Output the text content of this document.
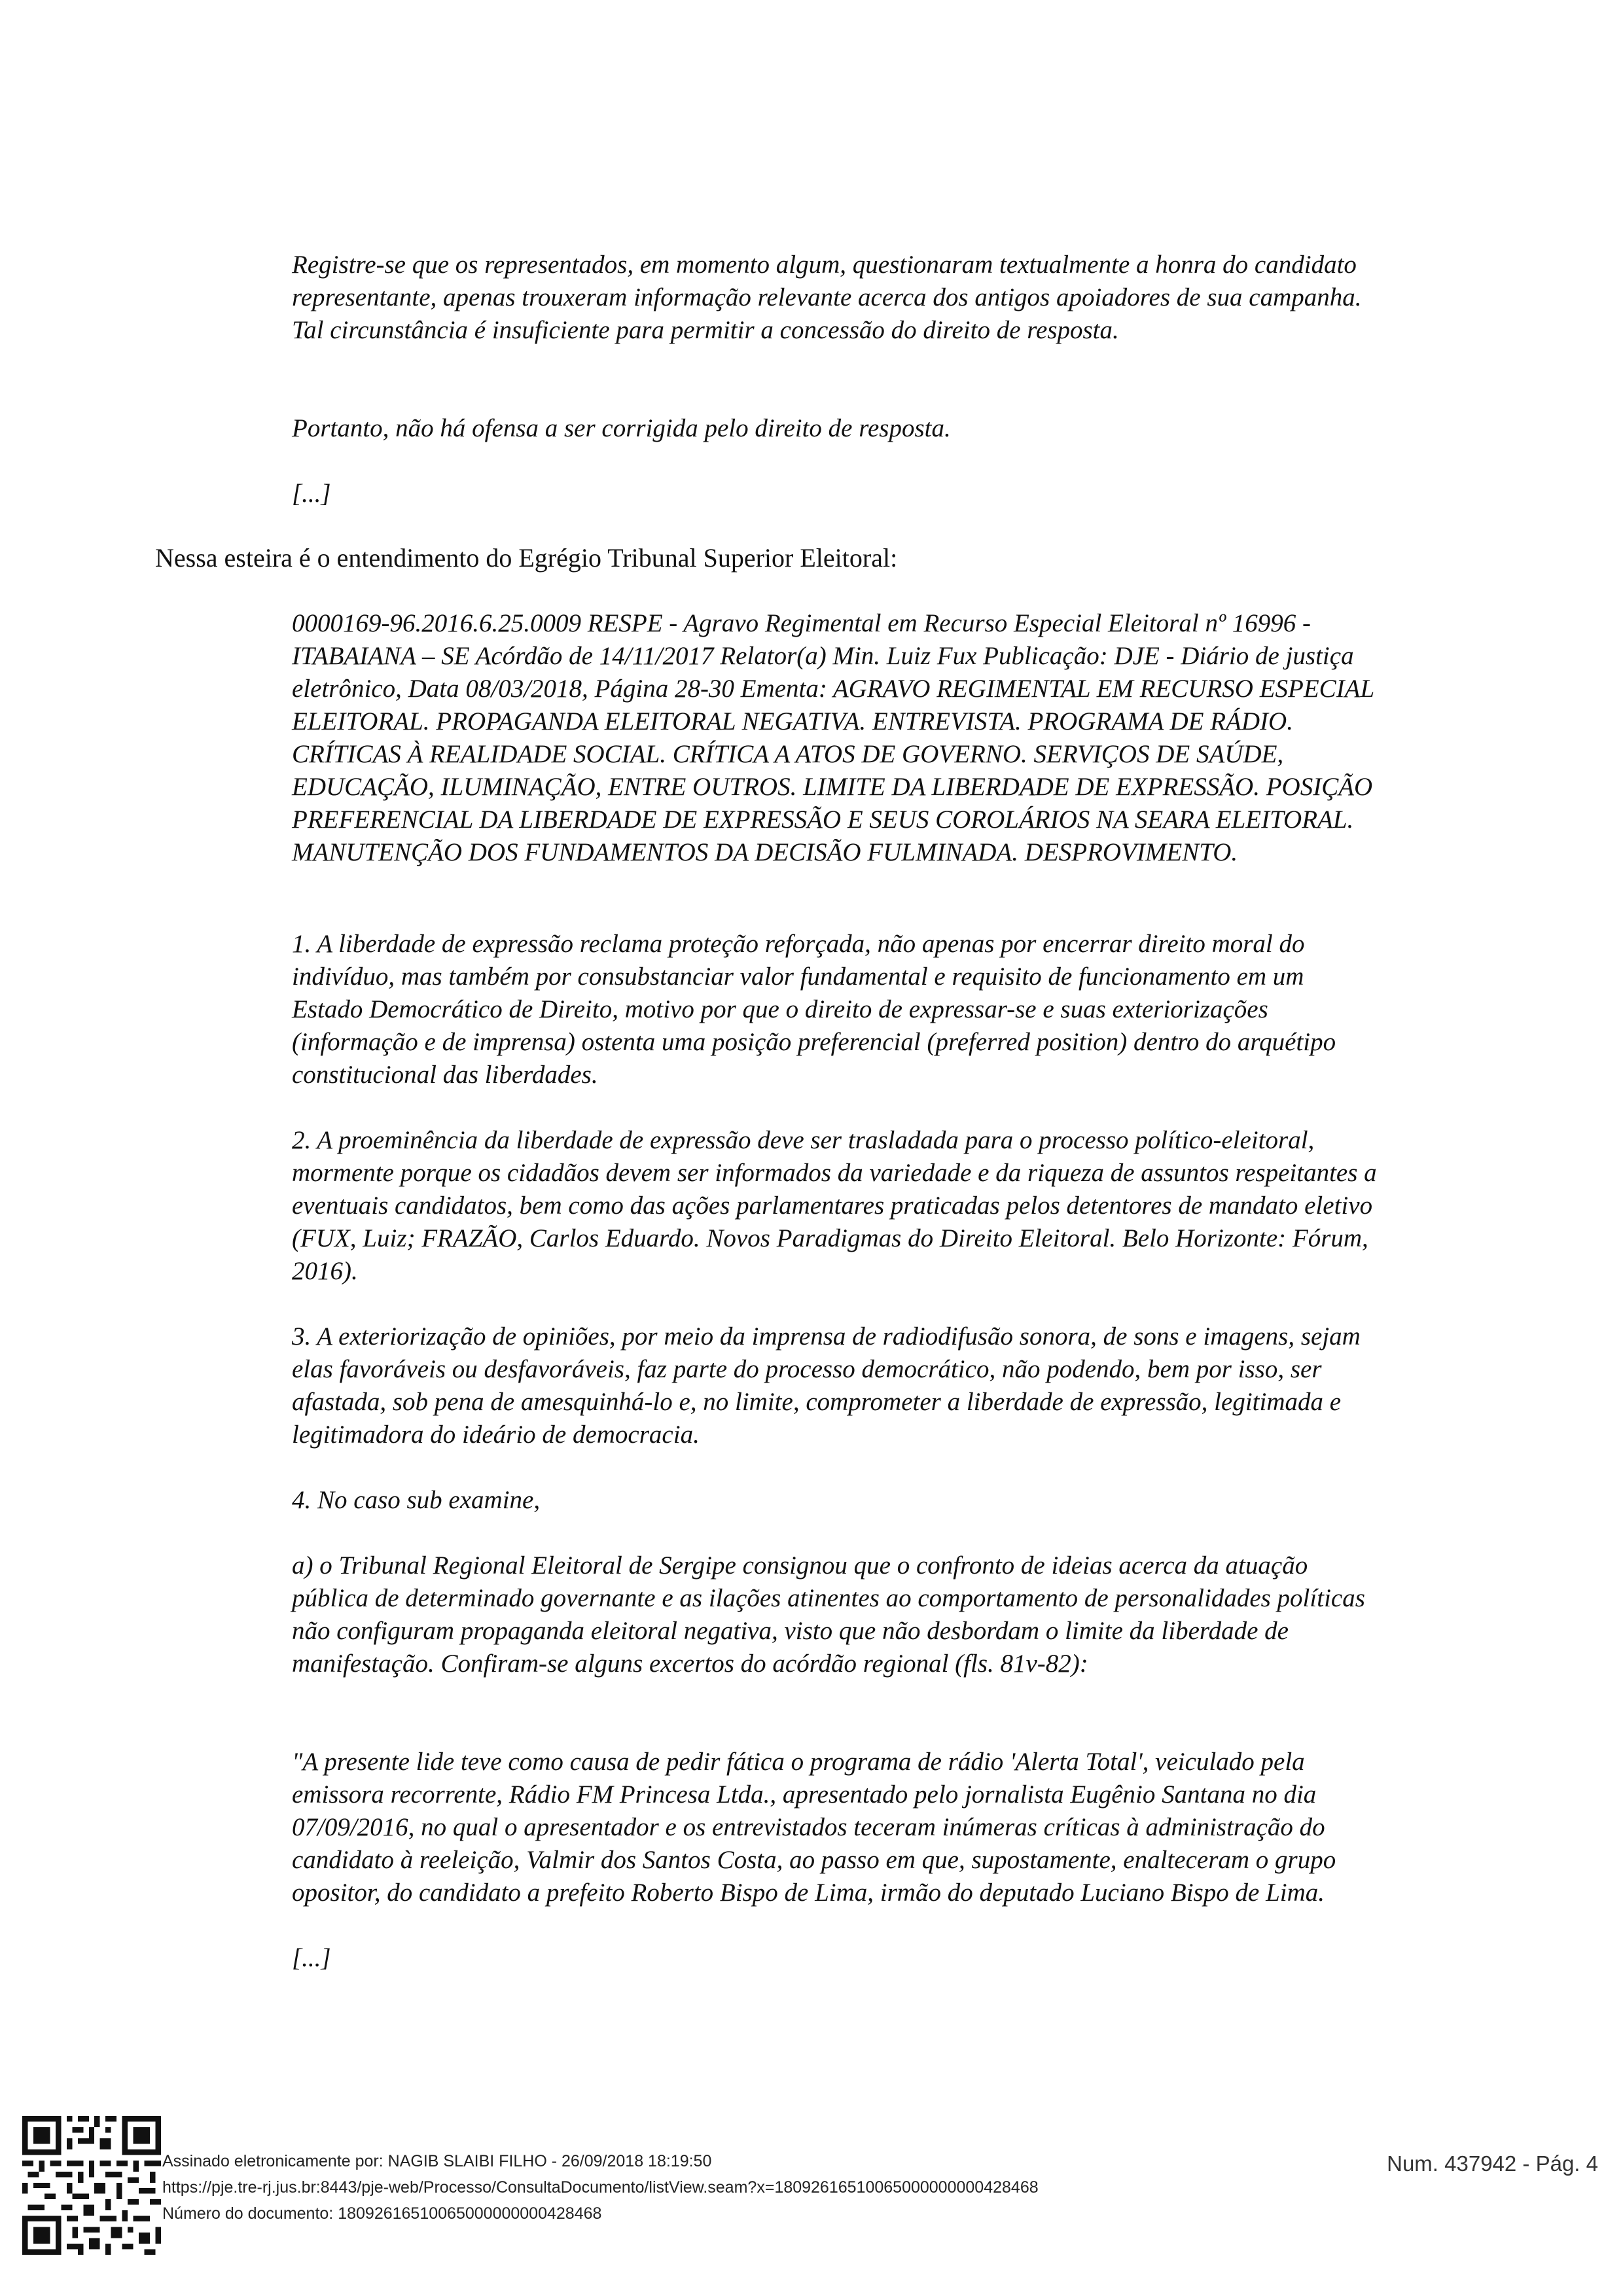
Registre-se que os representados, em momento algum, questionaram textualmente a honra do candidato representante, apenas trouxeram informação relevante acerca dos antigos apoiadores de sua campanha. Tal circunstância é insuficiente para permitir a concessão do direito de resposta.

Portanto, não há ofensa a ser corrigida pelo direito de resposta.

[...]

Nessa esteira é o entendimento do Egrégio Tribunal Superior Eleitoral:

0000169-96.2016.6.25.0009 RESPE - Agravo Regimental em Recurso Especial Eleitoral nº 16996 - ITABAIANA – SE Acórdão de 14/11/2017 Relator(a) Min. Luiz Fux Publicação: DJE - Diário de justiça eletrônico, Data 08/03/2018, Página 28-30 Ementa: AGRAVO REGIMENTAL EM RECURSO ESPECIAL ELEITORAL. PROPAGANDA ELEITORAL NEGATIVA. ENTREVISTA. PROGRAMA DE RÁDIO. CRÍTICAS À REALIDADE SOCIAL. CRÍTICA A ATOS DE GOVERNO. SERVIÇOS DE SAÚDE, EDUCAÇÃO, ILUMINAÇÃO, ENTRE OUTROS. LIMITE DA LIBERDADE DE EXPRESSÃO. POSIÇÃO PREFERENCIAL DA LIBERDADE DE EXPRESSÃO E SEUS COROLÁRIOS NA SEARA ELEITORAL. MANUTENÇÃO DOS FUNDAMENTOS DA DECISÃO FULMINADA. DESPROVIMENTO.

1. A liberdade de expressão reclama proteção reforçada, não apenas por encerrar direito moral do indivíduo, mas também por consubstanciar valor fundamental e requisito de funcionamento em um Estado Democrático de Direito, motivo por que o direito de expressar-se e suas exteriorizações (informação e de imprensa) ostenta uma posição preferencial (preferred position) dentro do arquétipo constitucional das liberdades.

2. A proeminência da liberdade de expressão deve ser trasladada para o processo político-eleitoral, mormente porque os cidadãos devem ser informados da variedade e da riqueza de assuntos respeitantes a eventuais candidatos, bem como das ações parlamentares praticadas pelos detentores de mandato eletivo (FUX, Luiz; FRAZÃO, Carlos Eduardo. Novos Paradigmas do Direito Eleitoral. Belo Horizonte: Fórum, 2016).

3. A exteriorização de opiniões, por meio da imprensa de radiodifusão sonora, de sons e imagens, sejam elas favoráveis ou desfavoráveis, faz parte do processo democrático, não podendo, bem por isso, ser afastada, sob pena de amesquinhá-lo e, no limite, comprometer a liberdade de expressão, legitimada e legitimadora do ideário de democracia.

4. No caso sub examine,

a) o Tribunal Regional Eleitoral de Sergipe consignou que o confronto de ideias acerca da atuação pública de determinado governante e as ilações atinentes ao comportamento de personalidades políticas não configuram propaganda eleitoral negativa, visto que não desbordam o limite da liberdade de manifestação. Confiram-se alguns excertos do acórdão regional (fls. 81v-82):

"A presente lide teve como causa de pedir fática o programa de rádio 'Alerta Total', veiculado pela emissora recorrente, Rádio FM Princesa Ltda., apresentado pelo jornalista Eugênio Santana no dia 07/09/2016, no qual o apresentador e os entrevistados teceram inúmeras críticas à administração do candidato à reeleição, Valmir dos Santos Costa, ao passo em que, supostamente, enalteceram o grupo opositor, do candidato a prefeito Roberto Bispo de Lima, irmão do deputado Luciano Bispo de Lima.

[...]

Assinado eletronicamente por: NAGIB SLAIBI FILHO - 26/09/2018 18:19:50
https://pje.tre-rj.jus.br:8443/pje-web/Processo/ConsultaDocumento/listView.seam?x=18092616510065000000000428468
Número do documento: 18092616510065000000000428468
Num. 437942 - Pág. 4
